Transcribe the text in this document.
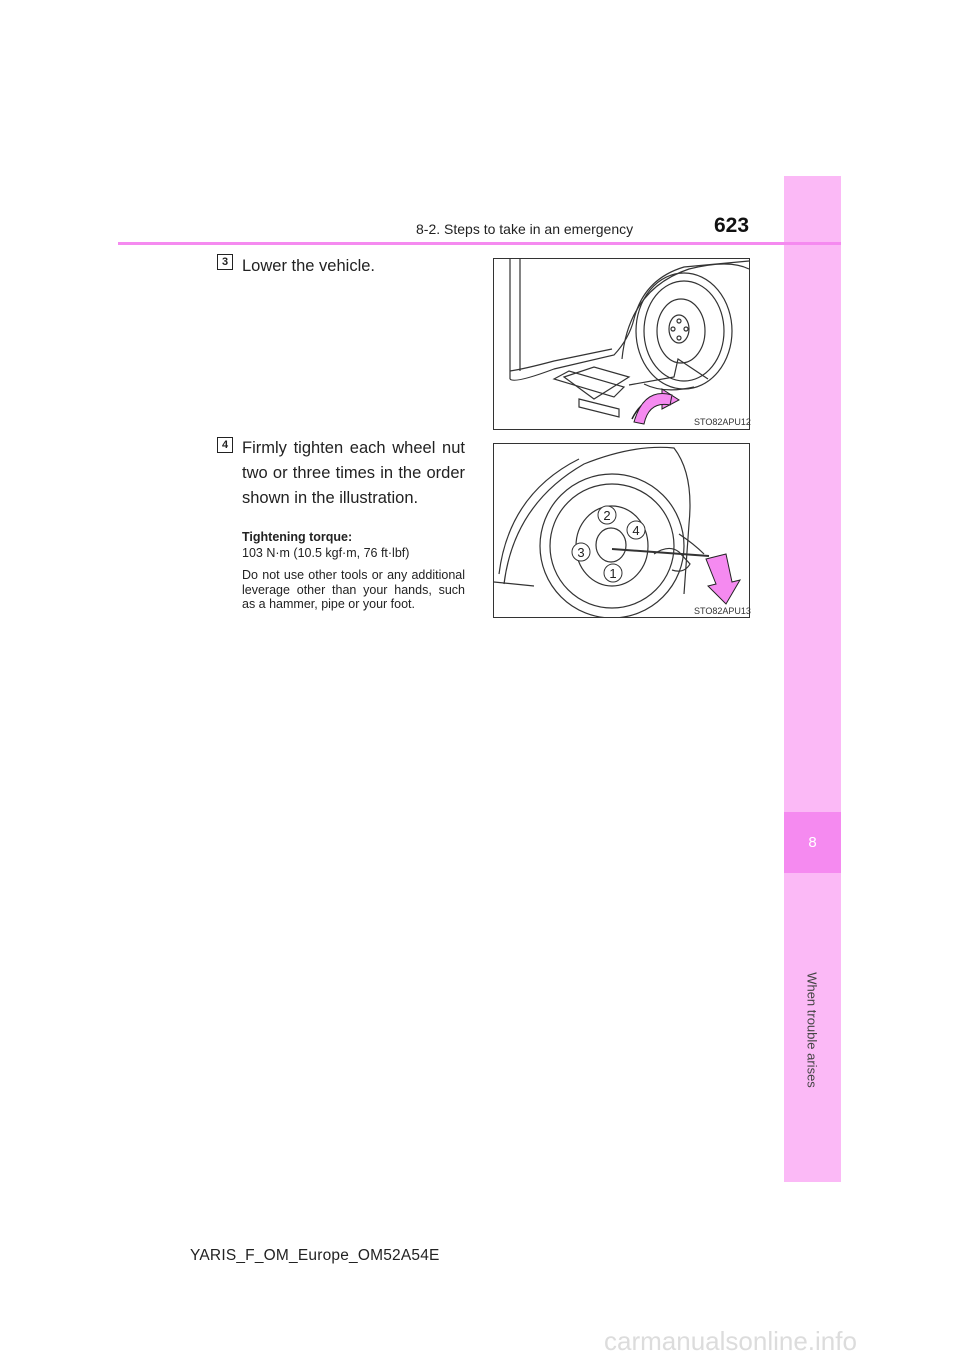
8
When trouble arises
8-2. Steps to take in an emergency	623
3 Lower the vehicle.
STO82APU12
4 Firmly tighten each wheel nut two or three times in the order shown in the illustration.
Tightening torque:
103 N·m (10.5 kgf·m, 76 ft·lbf)
Do not use other tools or any additional leverage other than your hands, such as a hammer, pipe or your foot.
2
4
3
1
STO82APU13
YARIS_F_OM_Europe_OM52A54E
carmanualsonline.info
